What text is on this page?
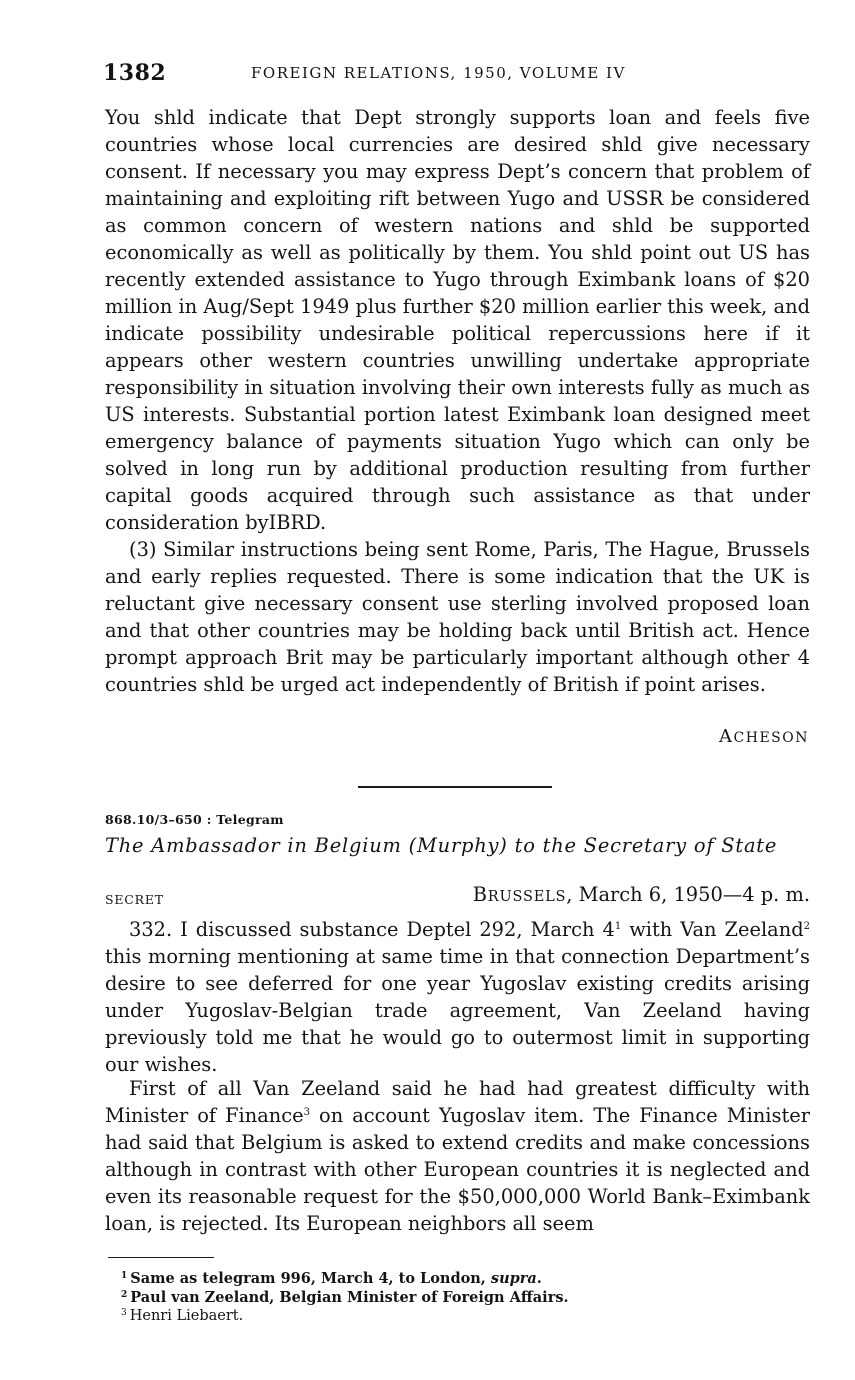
1382	FOREIGN RELATIONS, 1950, VOLUME IV

You shld indicate that Dept strongly supports loan and feels five countries whose local currencies are desired shld give necessary consent. If necessary you may express Dept’s concern that problem of maintaining and exploiting rift between Yugo and USSR be considered as common concern of western nations and shld be supported economically as well as politically by them. You shld point out US has recently extended assistance to Yugo through Eximbank loans of $20 million in Aug/Sept 1949 plus further $20 million earlier this week, and indicate possibility undesirable political repercussions here if it appears other western countries unwilling undertake appropriate responsibility in situation involving their own interests fully as much as US interests. Substantial portion latest Eximbank loan designed meet emergency balance of payments situation Yugo which can only be solved in long run by additional production resulting from further capital goods acquired through such assistance as that under consideration byIBRD.

(3) Similar instructions being sent Rome, Paris, The Hague, Brussels and early replies requested. There is some indication that the UK is reluctant give necessary consent use sterling involved proposed loan and that other countries may be holding back until British act. Hence prompt approach Brit may be particularly important although other 4 countries shld be urged act independently of British if point arises.

ACHESON
868.10/3–650 : Telegram
The Ambassador in Belgium (Murphy) to the Secretary of State
SECRET	BRUSSELS, March 6, 1950—4 p. m.

332. I discussed substance Deptel 292, March $4^1$ with Van Zeeland$^2$ this morning mentioning at same time in that connection Department’s desire to see deferred for one year Yugoslav existing credits arising under Yugoslav-Belgian trade agreement, Van Zeeland having previously told me that he would go to outermost limit in supporting our wishes.

First of all Van Zeeland said he had had greatest difficulty with Minister of Finance$^3$ on account Yugoslav item. The Finance Minister had said that Belgium is asked to extend credits and make concessions although in contrast with other European countries it is neglected and even its reasonable request for the $50,000,000 World Bank–Eximbank loan, is rejected. Its European neighbors all seem

$^1$ Same as telegram 996, March 4, to London, supra.
$^2$ Paul van Zeeland, Belgian Minister of Foreign Affairs.
$^3$ Henri Liebaert.
